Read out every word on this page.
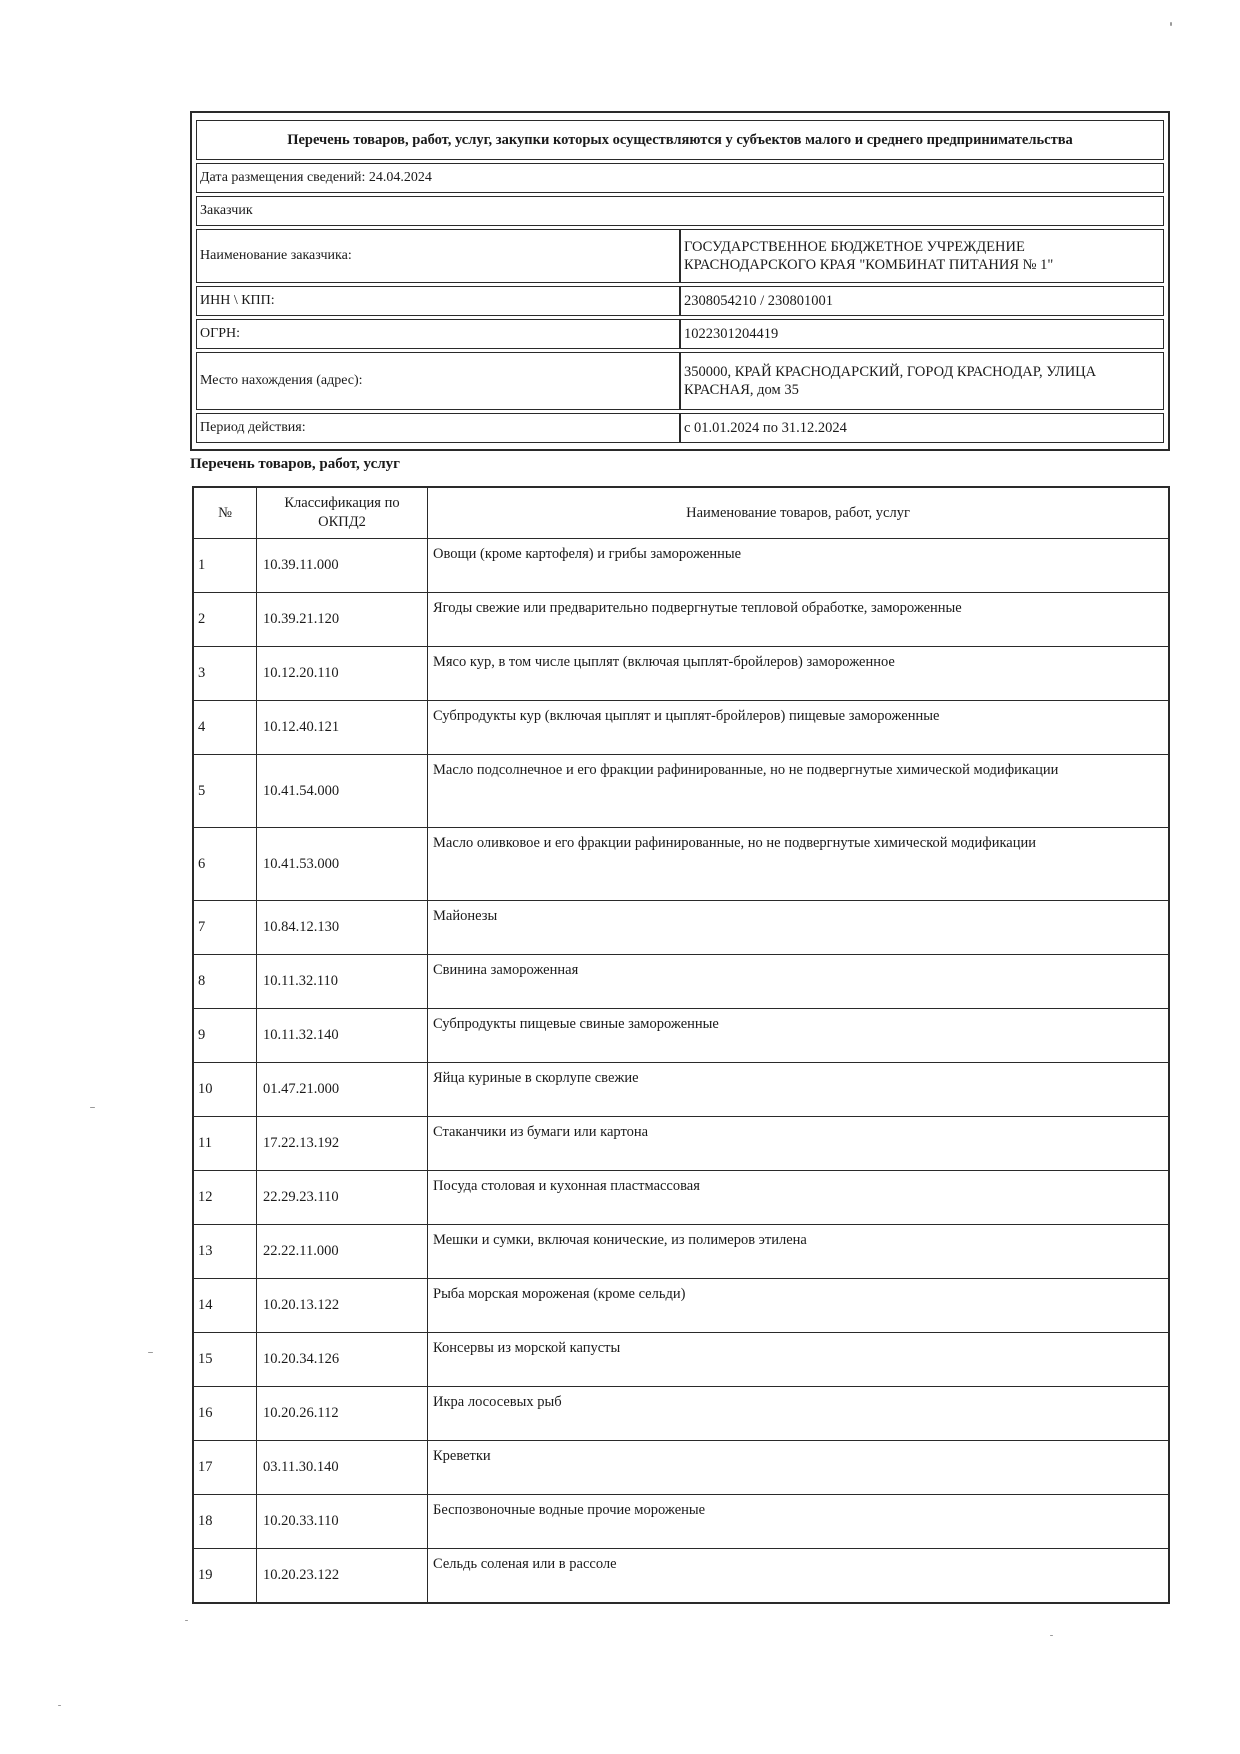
Перечень товаров, работ, услуг, закупки которых осуществляются у субъектов малого и среднего предпринимательства	
Дата размещения сведений: 24.04.2024	
Заказчик	
Наименование заказчика:	ГОСУДАРСТВЕННОЕ БЮДЖЕТНОЕ УЧРЕЖДЕНИЕ КРАСНОДАРСКОГО КРАЯ "КОМБИНАТ ПИТАНИЯ № 1"
ИНН \ КПП:	2308054210 / 230801001
ОГРН:	1022301204419
Место нахождения (адрес):	350000, КРАЙ КРАСНОДАРСКИЙ, ГОРОД КРАСНОДАР, УЛИЦА КРАСНАЯ, дом 35
Период действия:	с 01.01.2024 по 31.12.2024
Перечень товаров, работ, услуг
№	Классификация по ОКПД2	Наименование товаров, работ, услуг
1	10.39.11.000	Овощи (кроме картофеля) и грибы замороженные
2	10.39.21.120	Ягоды свежие или предварительно подвергнутые тепловой обработке, замороженные
3	10.12.20.110	Мясо кур, в том числе цыплят (включая цыплят-бройлеров) замороженное
4	10.12.40.121	Субпродукты кур (включая цыплят и цыплят-бройлеров) пищевые замороженные
5	10.41.54.000	Масло подсолнечное и его фракции рафинированные, но не подвергнутые химической модификации
6	10.41.53.000	Масло оливковое и его фракции рафинированные, но не подвергнутые химической модификации
7	10.84.12.130	Майонезы
8	10.11.32.110	Свинина замороженная
9	10.11.32.140	Субпродукты пищевые свиные замороженные
10	01.47.21.000	Яйца куриные в скорлупе свежие
11	17.22.13.192	Стаканчики из бумаги или картона
12	22.29.23.110	Посуда столовая и кухонная пластмассовая
13	22.22.11.000	Мешки и сумки, включая конические, из полимеров этилена
14	10.20.13.122	Рыба морская мороженая (кроме сельди)
15	10.20.34.126	Консервы из морской капусты
16	10.20.26.112	Икра лососевых рыб
17	03.11.30.140	Креветки
18	10.20.33.110	Беспозвоночные водные прочие мороженые
19	10.20.23.122	Сельдь соленая или в рассоле
